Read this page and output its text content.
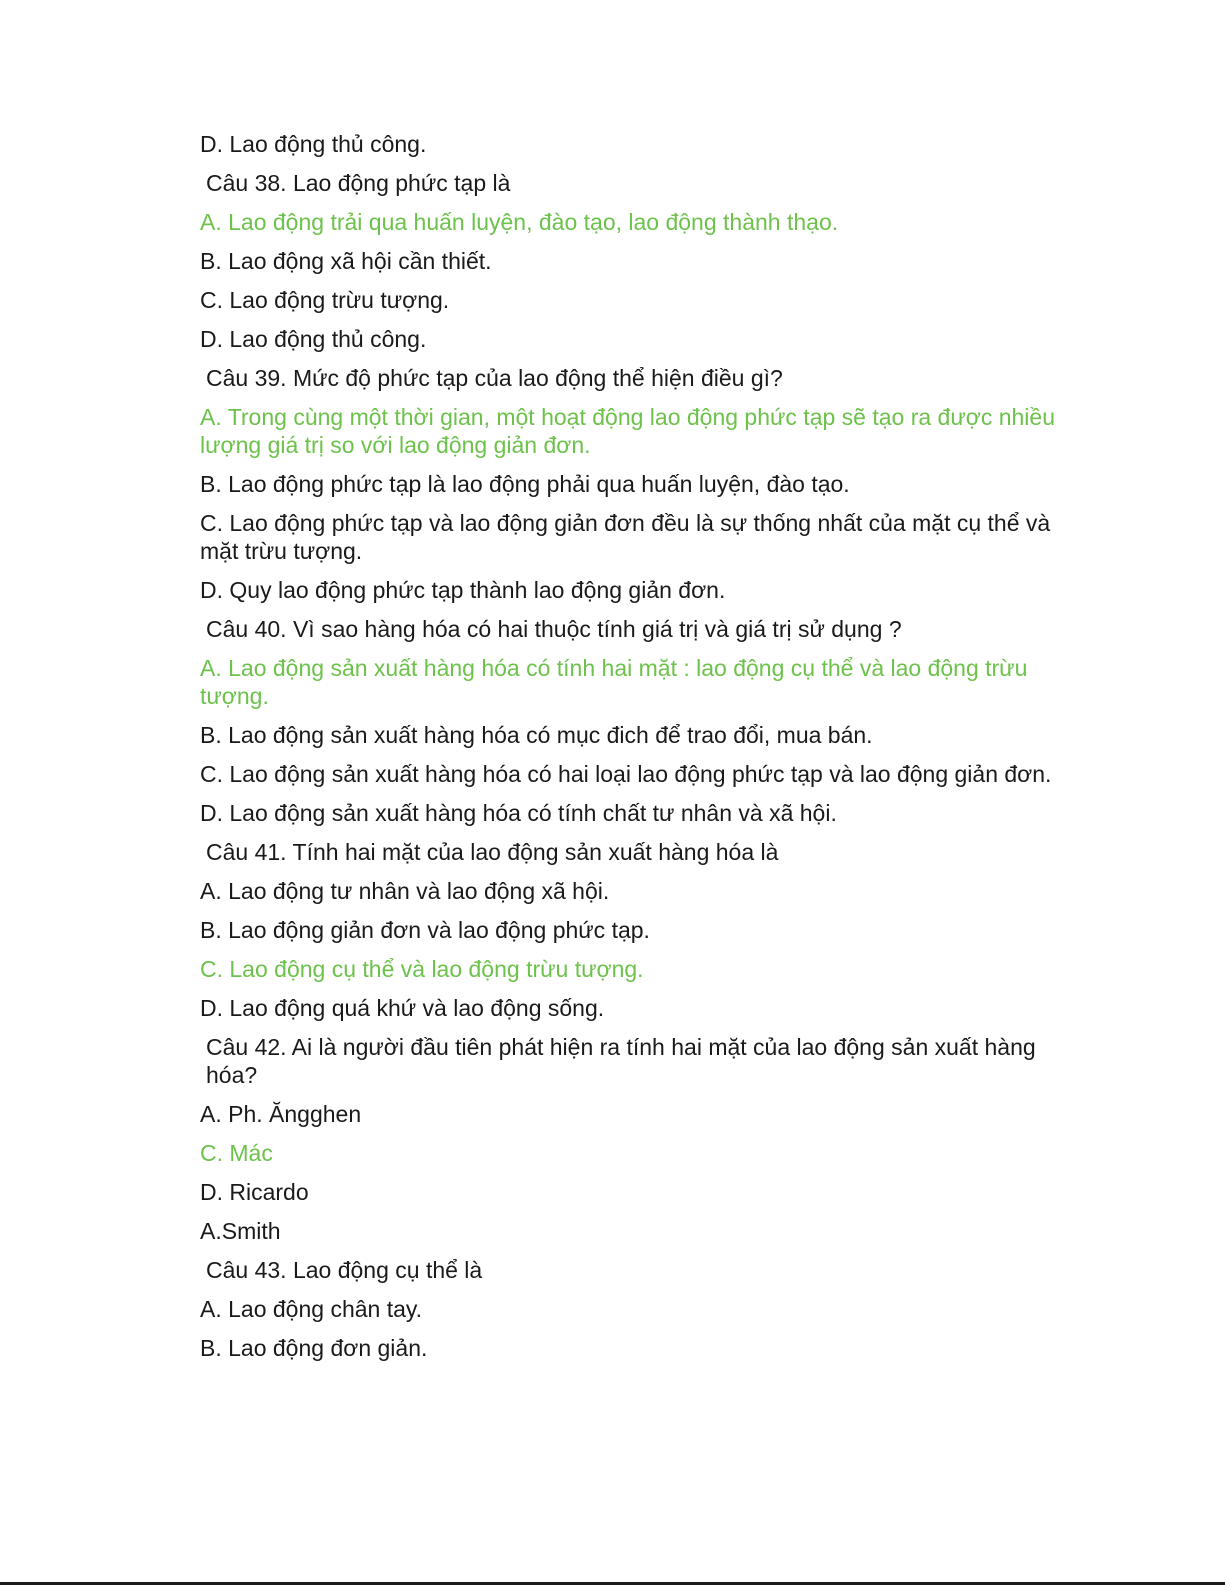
D. Lao động thủ công.

Câu 38. Lao động phức tạp là

A. Lao động trải qua huấn luyện, đào tạo, lao động thành thạo.

B. Lao động xã hội cần thiết.

C. Lao động trừu tượng.

D. Lao động thủ công.

Câu 39. Mức độ phức tạp của lao động thể hiện điều gì?

A. Trong cùng một thời gian, một hoạt động lao động phức tạp sẽ tạo ra được nhiều lượng giá trị so với lao động giản đơn.

B. Lao động phức tạp là lao động phải qua huấn luyện, đào tạo.

C. Lao động phức tạp và lao động giản đơn đều là sự thống nhất của mặt cụ thể và mặt trừu tượng.

D. Quy lao động phức tạp thành lao động giản đơn.

Câu 40. Vì sao hàng hóa có hai thuộc tính giá trị và giá trị sử dụng ?

A. Lao động sản xuất hàng hóa có tính hai mặt : lao động cụ thể và lao động trừu tượng.

B. Lao động sản xuất hàng hóa có mục đich để trao đổi, mua bán.

C. Lao động sản xuất hàng hóa có hai loại lao động phức tạp và lao động giản đơn.

D. Lao động sản xuất hàng hóa có tính chất tư nhân và xã hội.

Câu 41. Tính hai mặt của lao động sản xuất hàng hóa là

A. Lao động tư nhân và lao động xã hội.

B. Lao động giản đơn và lao động phức tạp.

C. Lao động cụ thể và lao động trừu tượng.

D. Lao động quá khứ và lao động sống.

Câu 42. Ai là người đầu tiên phát hiện ra tính hai mặt của lao động sản xuất hàng hóa?

A. Ph. Ăngghen

C. Mác

D. Ricardo

A.Smith

Câu 43. Lao động cụ thể là

A. Lao động chân tay.

B. Lao động đơn giản.
